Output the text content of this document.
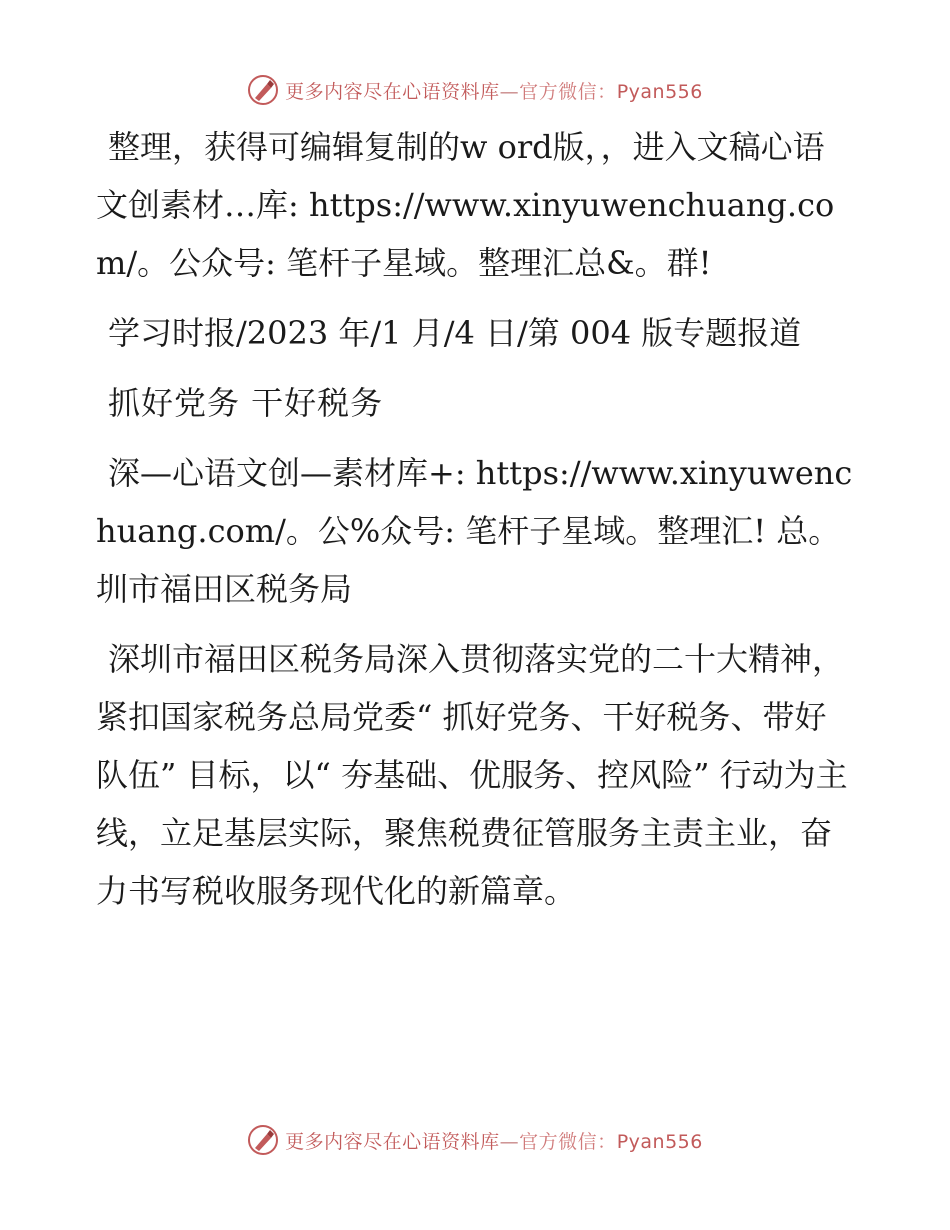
更多内容尽在心语资料库—官方微信：Pyan556

整理，获得可编辑复制的w ord版，，进入文稿心语文创素材…库: https://www.xinyuwenchuang.com/。公众号: 笔杆子星域。整理汇总&。群!

学习时报/2023 年/1 月/4 日/第 004 版专题报道

抓好党务 干好税务

深—心语文创—素材库+: https://www.xinyuwenchuang.com/。公%众号: 笔杆子星域。整理汇! 总。圳市福田区税务局

深圳市福田区税务局深入贯彻落实党的二十大精神，紧扣国家税务总局党委“ 抓好党务、干好税务、带好队伍” 目标，以“ 夯基础、优服务、控风险” 行动为主线，立足基层实际，聚焦税费征管服务主责主业，奋力书写税收服务现代化的新篇章。

更多内容尽在心语资料库—官方微信：Pyan556
